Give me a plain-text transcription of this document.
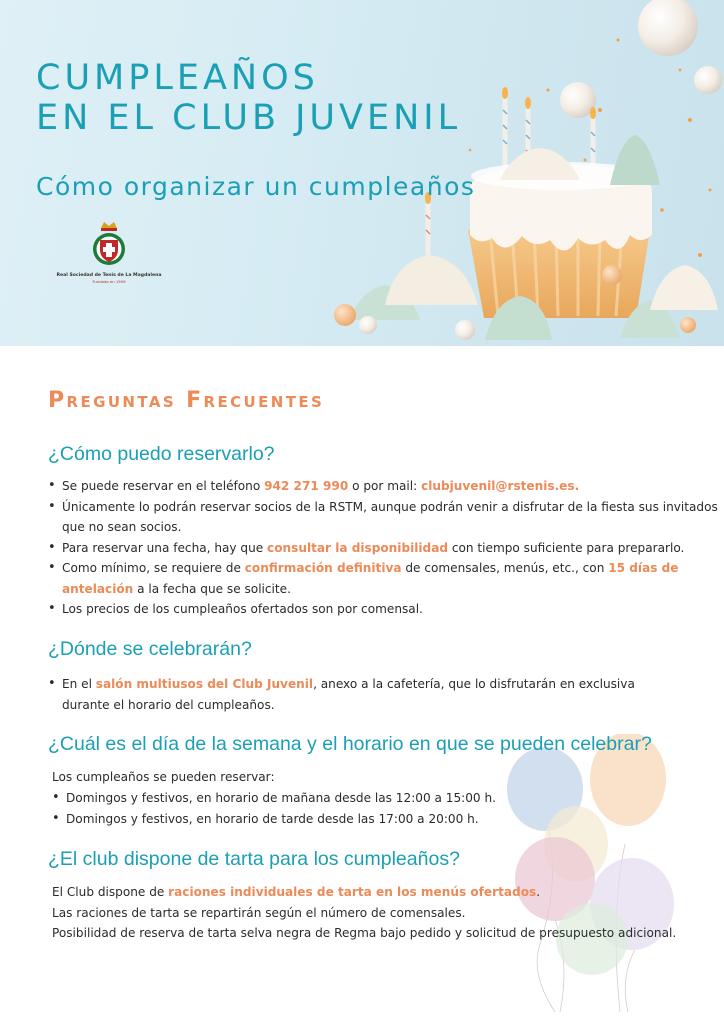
CUMPLEAÑOS
EN EL CLUB JUVENIL
Cómo organizar un cumpleaños
Real Sociedad de Tenis de La Magdalena
Fundada en 1909
Preguntas Frecuentes
¿Cómo puedo reservarlo?
• Se puede reservar en el teléfono 942 271 990 o por mail: clubjuvenil@rstenis.es.
• Únicamente lo podrán reservar socios de la RSTM, aunque podrán venir a disfrutar de la fiesta sus invitados que no sean socios.
• Para reservar una fecha, hay que consultar la disponibilidad con tiempo suficiente para prepararlo.
• Como mínimo, se requiere de confirmación definitiva de comensales, menús, etc., con 15 días de antelación a la fecha que se solicite.
• Los precios de los cumpleaños ofertados son por comensal.
¿Dónde se celebrarán?
• En el salón multiusos del Club Juvenil, anexo a la cafetería, que lo disfrutarán en exclusiva
durante el horario del cumpleaños.
¿Cuál es el día de la semana y el horario en que se pueden celebrar?

Los cumpleaños se pueden reservar:

• Domingos y festivos, en horario de mañana desde las 12:00 a 15:00 h.
• Domingos y festivos, en horario de tarde desde las 17:00 a 20:00 h.
¿El club dispone de tarta para los cumpleaños?

El Club dispone de raciones individuales de tarta en los menús ofertados.
Las raciones de tarta se repartirán según el número de comensales.
Posibilidad de reserva de tarta selva negra de Regma bajo pedido y solicitud de presupuesto adicional.
